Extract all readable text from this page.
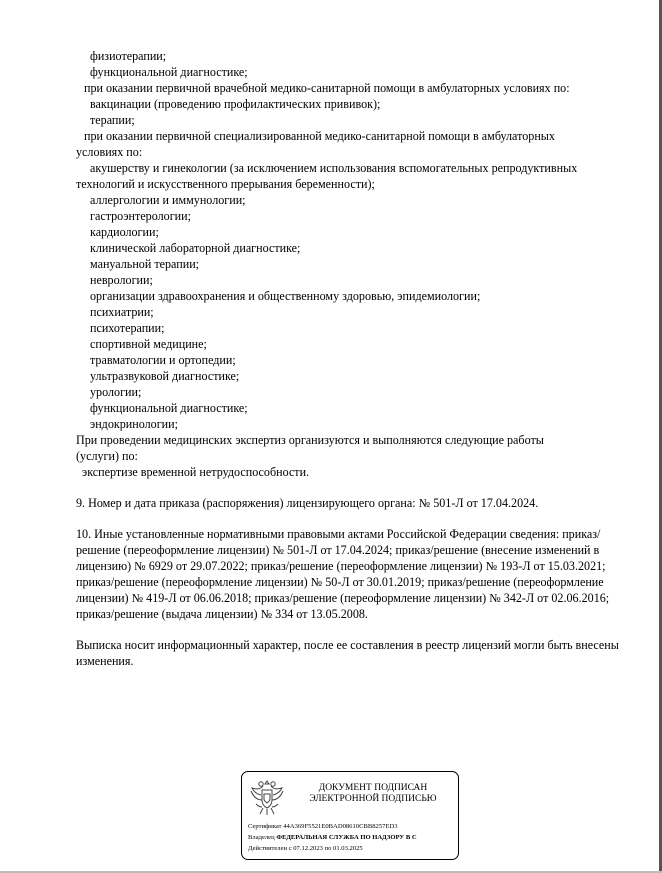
физиотерапии;
функциональной диагностике;
при оказании первичной врачебной медико-санитарной помощи в амбулаторных условиях по:
вакцинации (проведению профилактических прививок);
терапии;
при оказании первичной специализированной медико-санитарной помощи в амбулаторных
условиях по:
акушерству и гинекологии (за исключением использования вспомогательных репродуктивных
технологий и искусственного прерывания беременности);
аллергологии и иммунологии;
гастроэнтерологии;
кардиологии;
клинической лабораторной диагностике;
мануальной терапии;
неврологии;
организации здравоохранения и общественному здоровью, эпидемиологии;
психиатрии;
психотерапии;
спортивной медицине;
травматологии и ортопедии;
ультразвуковой диагностике;
урологии;
функциональной диагностике;
эндокринологии;
При проведении медицинских экспертиз организуются и выполняются следующие работы
(услуги) по:
экспертизе временной нетрудоспособности.
9. Номер и дата приказа (распоряжения) лицензирующего органа: № 501-Л от 17.04.2024.
10. Иные установленные нормативными правовыми актами Российской Федерации сведения: приказ/решение (переоформление лицензии) № 501-Л от 17.04.2024; приказ/решение (внесение изменений в лицензию) № 6929 от 29.07.2022; приказ/решение (переоформление лицензии) № 193-Л от 15.03.2021; приказ/решение (переоформление лицензии) № 50-Л от 30.01.2019; приказ/решение (переоформление лицензии) № 419-Л от 06.06.2018; приказ/решение (переоформление лицензии) № 342-Л от 02.06.2016; приказ/решение (выдача лицензии) № 334 от 13.05.2008.
Выписка носит информационный характер, после ее составления в реестр лицензий могли быть внесены изменения.
ДОКУМЕНТ ПОДПИСАН
ЭЛЕКТРОННОЙ ПОДПИСЬЮ
Сертификат 44A369F5521E0BAD08610CBB8257ED3
Владелец ФЕДЕРАЛЬНАЯ СЛУЖБА ПО НАДЗОРУ В С
Действителен с 07.12.2023 по 01.03.2025
